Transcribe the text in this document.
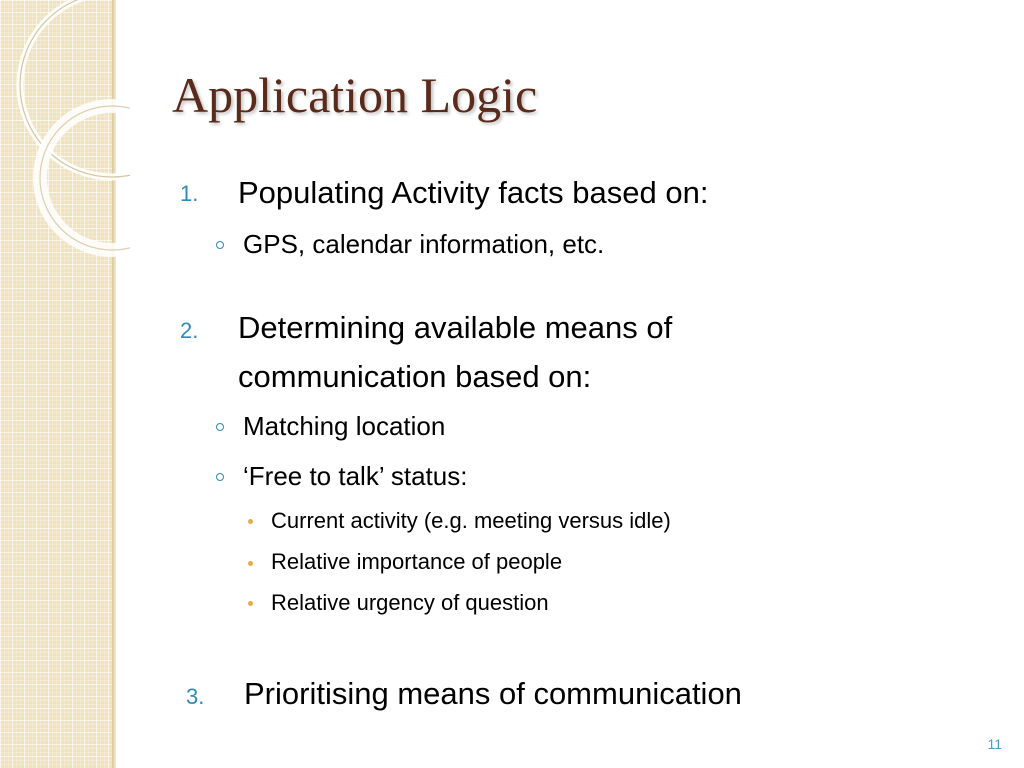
Application Logic
1. Populating Activity facts based on:
GPS, calendar information, etc.
2. Determining available means of
communication based on:
Matching location
‘Free to talk’ status:
Current activity (e.g. meeting versus idle)
Relative importance of people
Relative urgency of question
3. Prioritising means of communication
11
